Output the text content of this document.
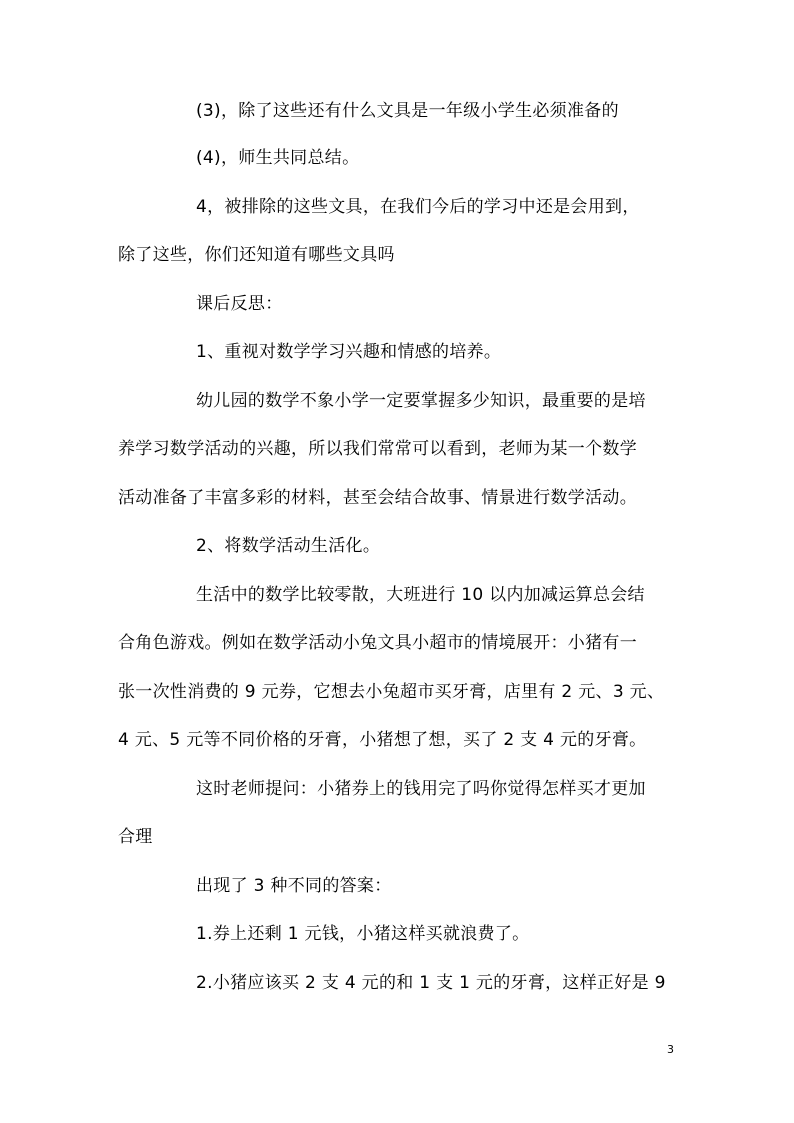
(3)，除了这些还有什么文具是一年级小学生必须准备的
(4)，师生共同总结。
4，被排除的这些文具，在我们今后的学习中还是会用到，
除了这些，你们还知道有哪些文具吗
课后反思：
1、重视对数学学习兴趣和情感的培养。
幼儿园的数学不象小学一定要掌握多少知识，最重要的是培
养学习数学活动的兴趣，所以我们常常可以看到，老师为某一个数学
活动准备了丰富多彩的材料，甚至会结合故事、情景进行数学活动。
2、将数学活动生活化。
生活中的数学比较零散，大班进行 10 以内加减运算总会结
合角色游戏。例如在数学活动小兔文具小超市的情境展开：小猪有一
张一次性消费的 9 元券，它想去小兔超市买牙膏，店里有 2 元、3 元、
4 元、5 元等不同价格的牙膏，小猪想了想，买了 2 支 4 元的牙膏。
这时老师提问：小猪券上的钱用完了吗你觉得怎样买才更加
合理
出现了 3 种不同的答案：
1.券上还剩 1 元钱，小猪这样买就浪费了。
2.小猪应该买 2 支 4 元的和 1 支 1 元的牙膏，这样正好是 9
3
